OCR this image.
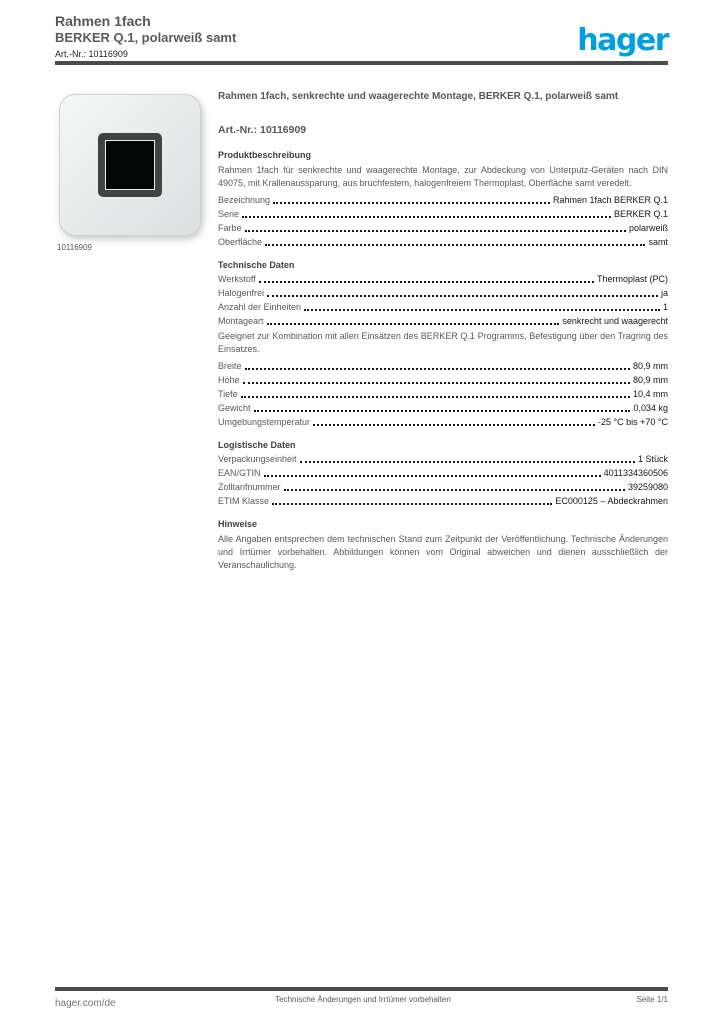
Rahmen 1fach
BERKER Q.1, polarweiß samt
Art.-Nr.: 10116909	hager
10116909
Rahmen 1fach, senkrechte und waagerechte Montage, BERKER Q.1, polarweiß samt
Art.-Nr.: 10116909
Produktbeschreibung
Rahmen 1fach für senkrechte und waagerechte Montage, zur Abdeckung von Unterputz-Geräten nach DIN 49075, mit Krallenaussparung, aus bruchfestem, halogenfreiem Thermoplast, Oberfläche samt veredelt.
Bezeichnung	Rahmen 1fach BERKER Q.1
Serie	BERKER Q.1
Farbe	polarweiß
Oberfläche	samt
Technische Daten
Werkstoff	Thermoplast (PC)
Halogenfrei	ja
Anzahl der Einheiten	1
Montageart	senkrecht und waagerecht
Geeignet zur Kombination mit allen Einsätzen des BERKER Q.1 Programms, Befestigung über den Tragring des Einsatzes.
Breite	80,9 mm
Höhe	80,9 mm
Tiefe	10,4 mm
Gewicht	0,034 kg
Umgebungstemperatur	-25 °C bis +70 °C
Logistische Daten
Verpackungseinheit	1 Stück
EAN/GTIN	4011334360506
Zolltarifnummer	39259080
ETIM Klasse	EC000125 – Abdeckrahmen
Hinweise
Alle Angaben entsprechen dem technischen Stand zum Zeitpunkt der Veröffentlichung. Technische Änderungen und Irrtümer vorbehalten. Abbildungen können vom Original abweichen und dienen ausschließlich der Veranschaulichung.
hager.com/de	Technische Änderungen und Irrtümer vorbehalten	Seite 1/1
